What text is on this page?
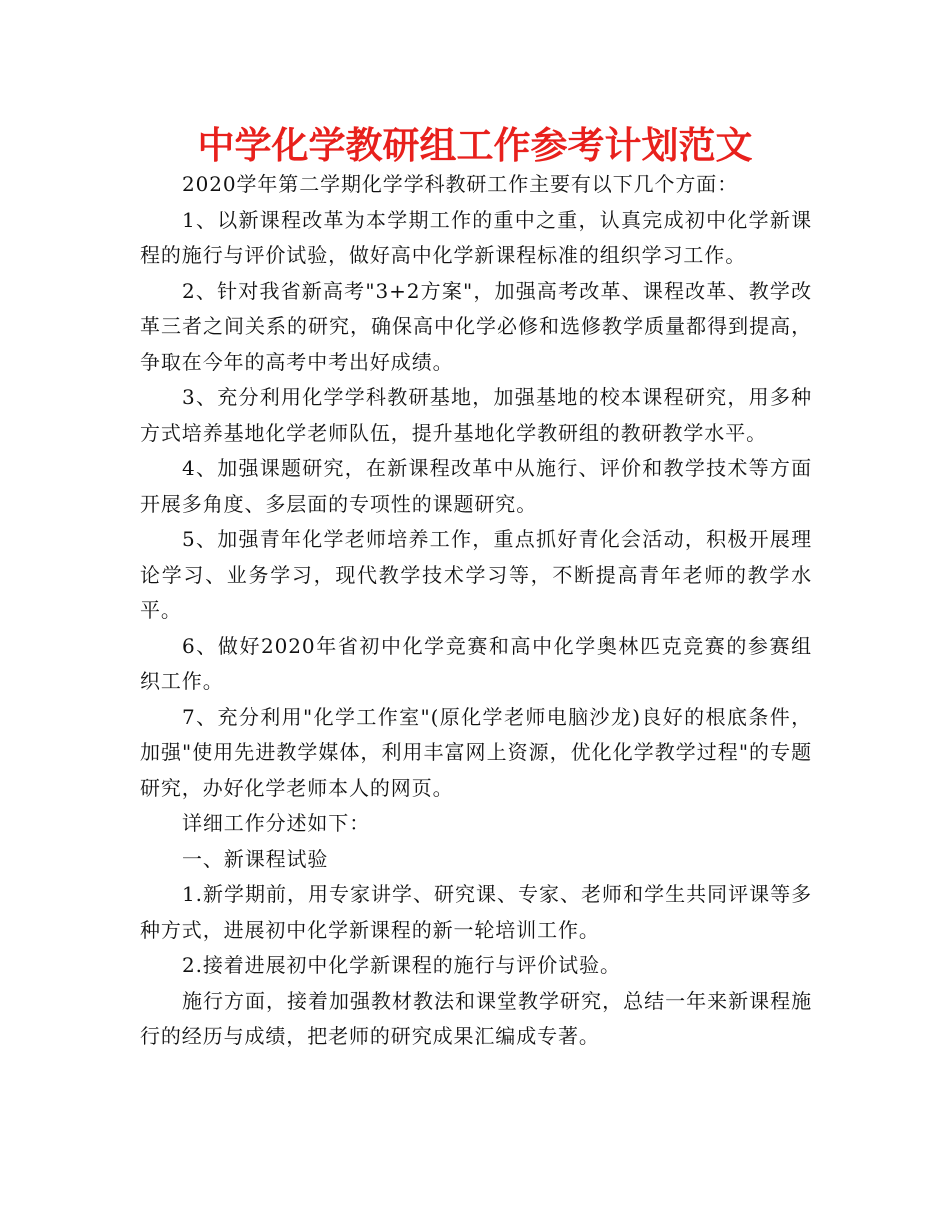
中学化学教研组工作参考计划范文

2020学年第二学期化学学科教研工作主要有以下几个方面：

1、以新课程改革为本学期工作的重中之重，认真完成初中化学新课程的施行与评价试验，做好高中化学新课程标准的组织学习工作。

2、针对我省新高考"3+2方案"，加强高考改革、课程改革、教学改革三者之间关系的研究，确保高中化学必修和选修教学质量都得到提高，争取在今年的高考中考出好成绩。

3、充分利用化学学科教研基地，加强基地的校本课程研究，用多种方式培养基地化学老师队伍，提升基地化学教研组的教研教学水平。

4、加强课题研究，在新课程改革中从施行、评价和教学技术等方面开展多角度、多层面的专项性的课题研究。

5、加强青年化学老师培养工作，重点抓好青化会活动，积极开展理论学习、业务学习，现代教学技术学习等，不断提高青年老师的教学水平。

6、做好2020年省初中化学竞赛和高中化学奥林匹克竞赛的参赛组织工作。

7、充分利用"化学工作室"(原化学老师电脑沙龙)良好的根底条件，加强"使用先进教学媒体，利用丰富网上资源，优化化学教学过程"的专题研究，办好化学老师本人的网页。

详细工作分述如下：

一、新课程试验

1.新学期前，用专家讲学、研究课、专家、老师和学生共同评课等多种方式，进展初中化学新课程的新一轮培训工作。

2.接着进展初中化学新课程的施行与评价试验。

施行方面，接着加强教材教法和课堂教学研究，总结一年来新课程施行的经历与成绩，把老师的研究成果汇编成专著。
